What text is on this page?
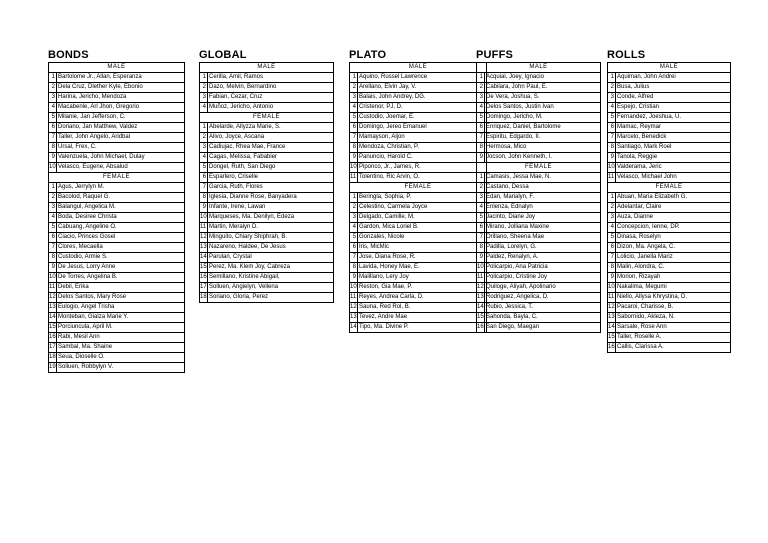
BONDS
MALE	
1	Bartolome Jr., Allan, Esperanza
2	Dela Cruz, Dlether Kyle, Ebonio
3	Harina, Jericho, Mendoza
4	Macabenle, Arl Jhon, Gregorio
5	Milanie, Jan Jefferson, C.
6	Doriano, Jan Matthew, Valdez
7	Taller, John Angelo, Aridbal
8	Ursal, Frex, C.
9	Valenzuela, John Michael, Dulay
10	Velasco, Eugene, Absalud
FEMALE	
1	Agus, Jerrylyn M.
2	Bacolod, Raquel G.
3	Balangul, Angelica M.
4	Boda, Desiree Christa
5	Cabuang, Angeline O.
6	Ciacio, Princes Gosel
7	Clores, Mecaella
8	Custodio, Armie S.
9	De Jesus, Lorry Anne
10	De Torres, Angelina B.
11	Debil, Erika
12	Delos Santos, Mary Rose
13	Eulogio, Angel Trisha
14	Monteban, Gialza Marie Y.
15	Porciuncula, April M.
16	Rabi, Mesil Ann
17	Sambal, Ma. Shaine
18	Seua, Dioselle O.
19	Solluen, Robbylyn V.
GLOBAL
MALE	
1	Cerilla, Amil, Ramos
2	Dazo, Melvin, Bernardino
3	Fabian, Cezar, Cruz
4	Muñoz, Jericho, Antonio
FEMALE	
1	Abelarde, Allyzza Marie, S.
2	Alivo, Joyce, Ascana
3	Cadiujac, Rhea Mae, France
4	Cagas, Melissa, Fababier
5	Dongel, Ruth, San Diego
6	Esparlero, Criselle
7	Garcia, Ruth, Flores
8	Iglesia, Dianne Rose, Banyadera
9	Infante, Irene, Lawan
10	Marqueses, Ma. Denilyn, Edeza
11	Martin, Meralyn D.
12	Minguito, Chiary Shiphrah, B.
13	Nazareno, Haldee, De Jesus
14	Parulan, Crystal
15	Perez, Ma. Klem Joy, Cabreza
16	Semillano, Kristine Abigail,
17	Solluen, Angielyn, Vellena
18	Soriano, Gloria, Perez
PLATO
MALE	
1	Aquino, Russel Lawrence
2	Arellano, Elvin Jay, V.
3	Balais, John Andrey, DG.
4	Cristenor, PJ, D.
5	Custodio, Joemar, E.
6	Domingo, Jereo Emanuel
7	Mamayson, Aljon
8	Mendoza, Christian, P.
9	Panuncio, Harold C.
10	Piponco, Jr., James, R.
11	Tolentino, Ric Arvin, O.
FEMALE	
1	Beringla, Sophia, P.
2	Celestino, Carmela Joyce
3	Delgado, Camille, M.
4	Gardon, Mica Loriel B.
5	Gonzales, Nicole
6	Iris, MicMic
7	Jose, Diana Rose, R.
8	Lavida, Honey Mae, E.
9	Malillano, Lery Joy
10	Reston, Gia Mae, P.
11	Reyes, Andrea Carla, D.
12	Sauna, Red Rol, B.
13	Tevez, Andre Mae
14	Tipo, Ma. Divine P.
PUFFS
MALE	
1	Acquial, Joey, Ignacio
2	Cabilara, John Paul, E.
3	De Vera, Joshua, S.
4	Delos Santos, Justin Ivan
5	Domingo, Jericho, M.
6	Enriquez, Daniel, Bartolome
7	Espiritu, Edgardo, II.
8	Hermosa, Mico
9	Jocson, John Kenneth, I.
FEMALE	
1	Camasis, Jessa Mae, N.
2	Castano, Dessa
3	Edan, Marialyn, F.
4	Enlenza, Ednalyn
5	Jacinto, Diane Joy
6	Mirano, Jolliana Maxine
7	Orillano, Sheena Mae
8	Padilla, Lorelyn, G.
9	Paldez, Renalyn, A.
10	Policarpio, Ana Patricia
11	Policarpio, Cristine Joy
12	Quiloge, Aliyah, Apolinario
13	Rodriguez, Angelica, D.
14	Rubio, Jessica, T.
15	Sahonda, Bayla, C.
16	San Diego, Maegan
ROLLS
MALE	
1	Aquiman, John Andrei
2	Busa, Julius
3	Conde, Alfred
4	Espejo, Cristian
5	Fernandez, Joeshua, U.
6	Mamac, Reymar
7	Marcelo, Benedick
8	Santiago, Mark Roel
9	Tanola, Reggie
10	Valderama, Jeric
11	Velasco, Michael John
FEMALE	
1	Abuan, Maria Elizabeth G.
2	Adelantar, Claire
3	Auza, Dianne
4	Concepcion, Ienne, DP.
5	Dinasa, Roselyn
6	Dizon, Ma. Angela, C.
7	Lolicio, Janella Mariz
8	Malin, Alondra, C.
9	Morion, Rizayah
10	Nakalima, Megumi
11	Niello, Allysa Khrystina, D.
12	Pacaroi, Charisse, B.
13	Sabornido, Akleza, N.
14	Sarsale, Rose Ann
15	Taller, Roselle A.
16	Callis, Clarissa A.
